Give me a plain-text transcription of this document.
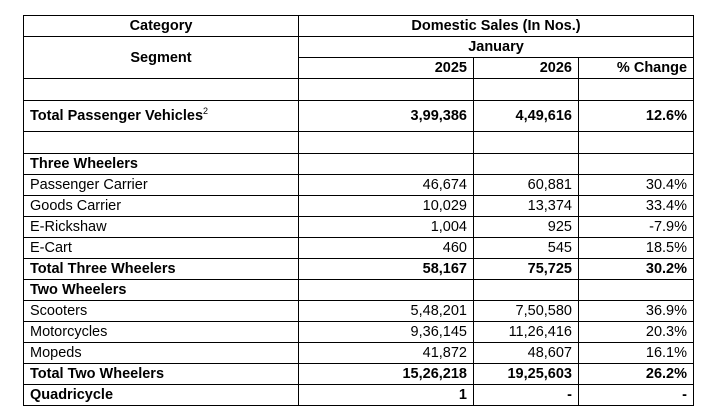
Category	Domestic Sales (In Nos.)		
Segment	January		
	2025	2026	% Change

Total Passenger Vehicles$^2$	3,99,386	4,49,616	12.6%

Three Wheelers			
Passenger Carrier	46,674	60,881	30.4%
Goods Carrier	10,029	13,374	33.4%
E-Rickshaw	1,004	925	-7.9%
E-Cart	460	545	18.5%
Total Three Wheelers	58,167	75,725	30.2%
Two Wheelers			
Scooters	5,48,201	7,50,580	36.9%
Motorcycles	9,36,145	11,26,416	20.3%
Mopeds	41,872	48,607	16.1%
Total Two Wheelers	15,26,218	19,25,603	26.2%
Quadricycle	1	-	-
